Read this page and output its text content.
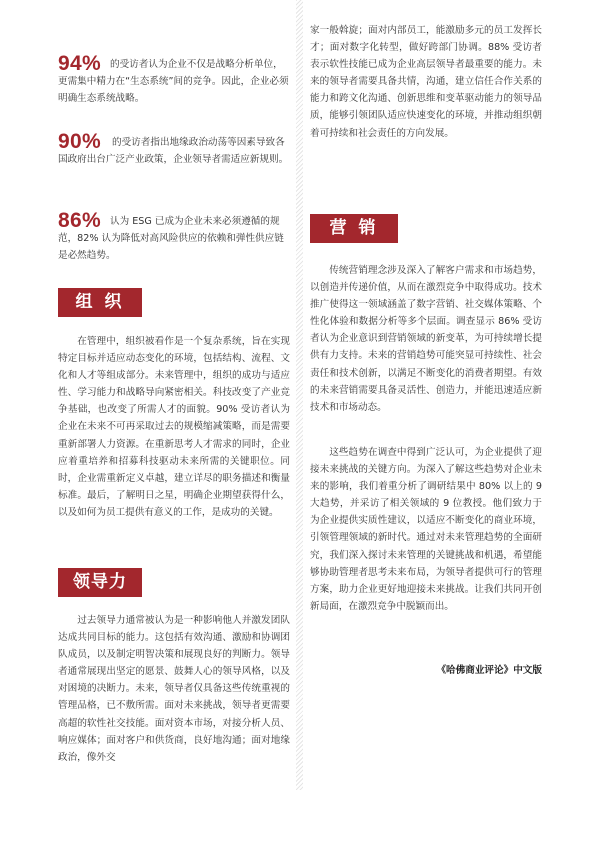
94% 的受访者认为企业不仅是战略分析单位，更需集中精力在“生态系统”间的竞争。因此，企业必须明确生态系统战略。
90%	的受访者指出地缘政治动荡等因素导致各国政府出台广泛产业政策，企业领导者需适应新规则。
86% 认为 ESG 已成为企业未来必须遵循的规范，82% 认为降低对高风险供应的依赖和弹性供应链是必然趋势。
组 织

在管理中，组织被看作是一个复杂系统，旨在实现特定目标并适应动态变化的环境，包括结构、流程、文化和人才等组成部分。未来管理中，组织的成功与适应性、学习能力和战略导向紧密相关。科技改变了产业竞争基础，也改变了所需人才的面貌。90% 受访者认为企业在未来不可再采取过去的规模缩减策略，而是需要重新部署人力资源。在重新思考人才需求的同时，企业应着重培养和招募科技驱动未来所需的关键职位。同时，企业需重新定义卓越，建立详尽的职务描述和衡量标准。最后，了解明日之星，明确企业期望获得什么，以及如何为员工提供有意义的工作，是成功的关键。

领导力

过去领导力通常被认为是一种影响他人并激发团队达成共同目标的能力。这包括有效沟通、激励和协调团队成员，以及制定明智决策和展现良好的判断力。领导者通常展现出坚定的愿景、鼓舞人心的领导风格，以及对困境的决断力。未来，领导者仅具备这些传统重视的管理品格，已不敷所需。面对未来挑战，领导者更需要高超的软性社交技能。面对资本市场，对接分析人员、响应媒体；面对客户和供货商，良好地沟通；面对地缘政治，像外交

家一般斡旋；面对内部员工，能激励多元的员工发挥长才；面对数字化转型，做好跨部门协调。88% 受访者表示软性技能已成为企业高层领导者最重要的能力。未来的领导者需要具备共情，沟通，建立信任合作关系的能力和跨文化沟通、创新思维和变革驱动能力的领导品质，能够引领团队适应快速变化的环境，并推动组织朝着可持续和社会责任的方向发展。

营 销

传统营销理念涉及深入了解客户需求和市场趋势，以创造并传递价值，从而在激烈竞争中取得成功。技术推广使得这一领域涵盖了数字营销、社交媒体策略、个性化体验和数据分析等多个层面。调查显示 86% 受访者认为企业意识到营销领域的新变革，为可持续增长提供有力支持。未来的营销趋势可能突显可持续性、社会责任和技术创新，以满足不断变化的消费者期望。有效的未来营销需要具备灵活性、创造力，并能迅速适应新技术和市场动态。

这些趋势在调查中得到广泛认可，为企业提供了迎接未来挑战的关键方向。为深入了解这些趋势对企业未来的影响，我们着重分析了调研结果中 80% 以上的 9 大趋势，并采访了相关领域的 9 位教授。他们致力于为企业提供实质性建议，以适应不断变化的商业环境，引领管理领域的新时代。通过对未来管理趋势的全面研究，我们深入探讨未来管理的关键挑战和机遇，希望能够协助管理者思考未来布局，为领导者提供可行的管理方案，助力企业更好地迎接未来挑战。让我们共同开创新局面，在激烈竞争中脱颖而出。

《哈佛商业评论》中文版
